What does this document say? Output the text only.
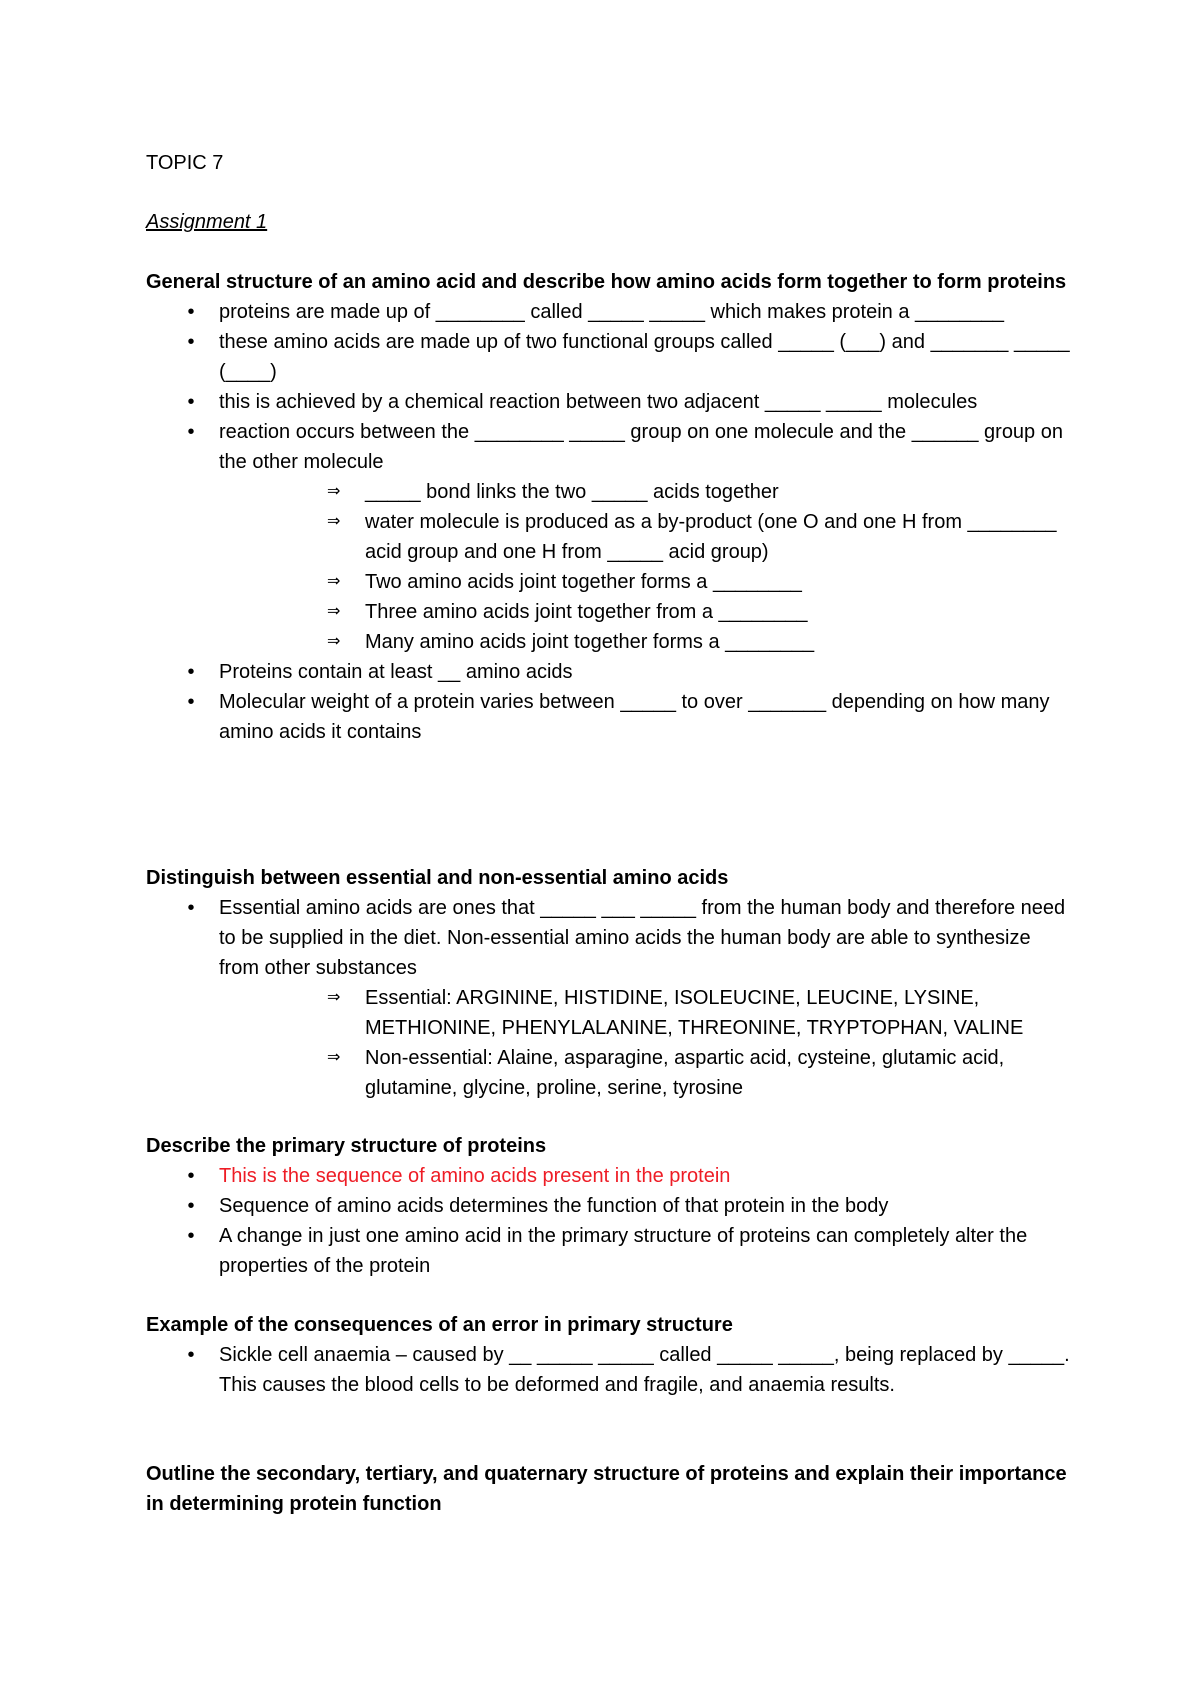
TOPIC 7
Assignment 1
General structure of an amino acid and describe how amino acids form together to form proteins
• proteins are made up of ________ called _____ _____ which makes protein a ________
• these amino acids are made up of two functional groups called _____ (___) and _______ _____ (____)
• this is achieved by a chemical reaction between two adjacent _____ _____ molecules
• reaction occurs between the ________ _____ group on one molecule and the ______ group on the other molecule
⇒ _____ bond links the two _____ acids together
⇒ water molecule is produced as a by-product (one O and one H from ________ acid group and one H from _____ acid group)
⇒ Two amino acids joint together forms a ________
⇒ Three amino acids joint together from a ________
⇒ Many amino acids joint together forms a ________
• Proteins contain at least __ amino acids
• Molecular weight of a protein varies between _____ to over _______ depending on how many amino acids it contains
Distinguish between essential and non-essential amino acids
• Essential amino acids are ones that _____ ___ _____ from the human body and therefore need to be supplied in the diet. Non-essential amino acids the human body are able to synthesize from other substances
⇒ Essential: ARGININE, HISTIDINE, ISOLEUCINE, LEUCINE, LYSINE, METHIONINE, PHENYLALANINE, THREONINE, TRYPTOPHAN, VALINE
⇒ Non-essential: Alaine, asparagine, aspartic acid, cysteine, glutamic acid, glutamine, glycine, proline, serine, tyrosine
Describe the primary structure of proteins
• This is the sequence of amino acids present in the protein
• Sequence of amino acids determines the function of that protein in the body
• A change in just one amino acid in the primary structure of proteins can completely alter the properties of the protein
Example of the consequences of an error in primary structure
• Sickle cell anaemia – caused by __ _____ _____ called _____ _____, being replaced by _____. This causes the blood cells to be deformed and fragile, and anaemia results.
Outline the secondary, tertiary, and quaternary structure of proteins and explain their importance in determining protein function
